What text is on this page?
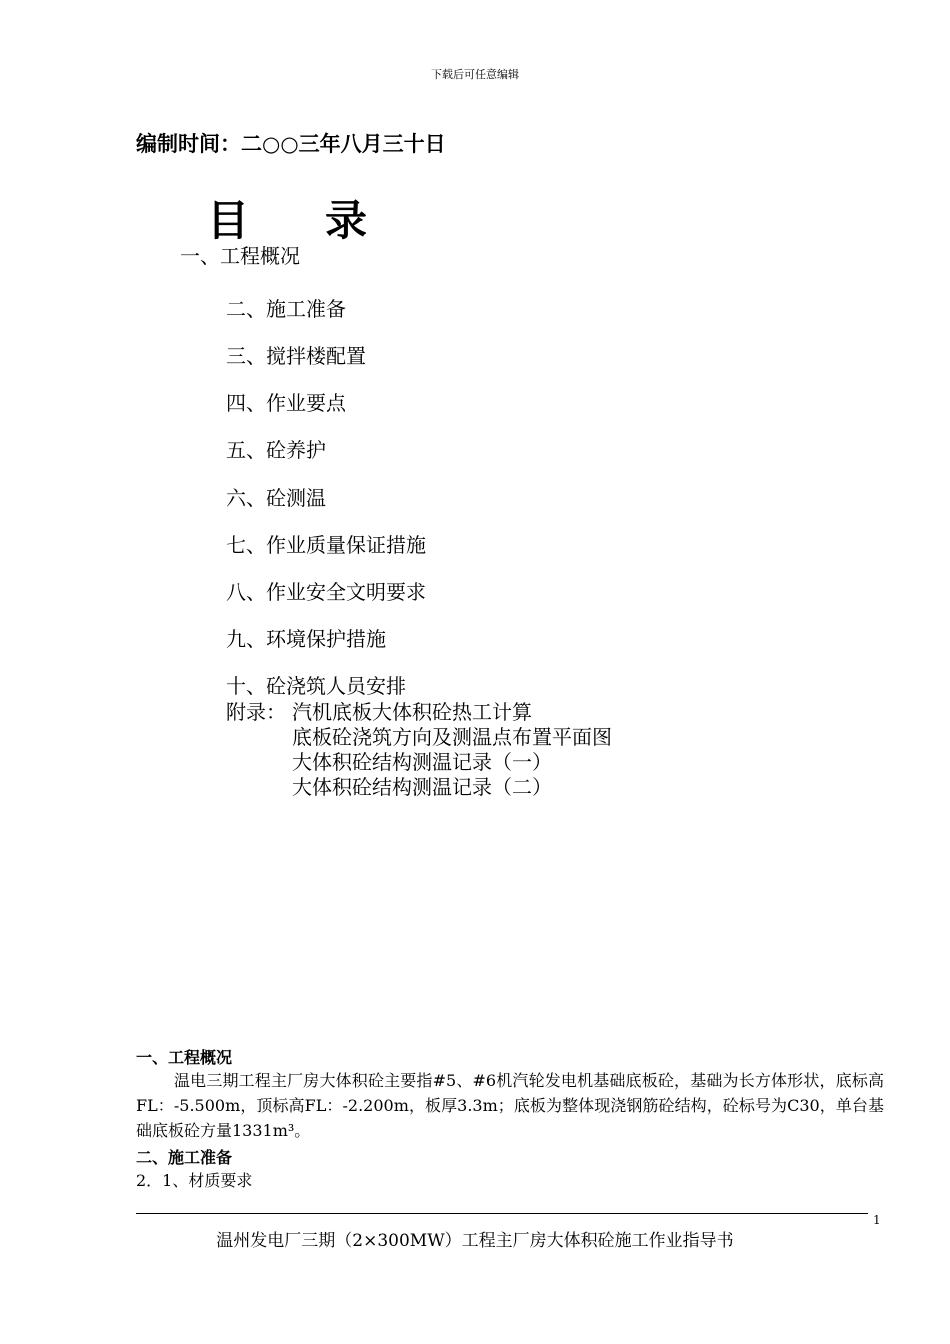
下载后可任意编辑
编制时间：二○○三年八月三十日
目录
一、工程概况
二、施工准备
三、搅拌楼配置
四、作业要点
五、砼养护
六、砼测温
七、作业质量保证措施
八、作业安全文明要求
九、环境保护措施
十、砼浇筑人员安排
附录： 汽机底板大体积砼热工计算
底板砼浇筑方向及测温点布置平面图
大体积砼结构测温记录（一）
大体积砼结构测温记录（二）
一、工程概况
温电三期工程主厂房大体积砼主要指#5、#6机汽轮发电机基础底板砼，基础为长方体形状，底标高FL：-5.500m，顶标高FL：-2.200m，板厚3.3m；底板为整体现浇钢筋砼结构，砼标号为C30，单台基础底板砼方量1331m³。
二、施工准备
2．1、材质要求
1
温州发电厂三期（2×300MW）工程主厂房大体积砼施工作业指导书
